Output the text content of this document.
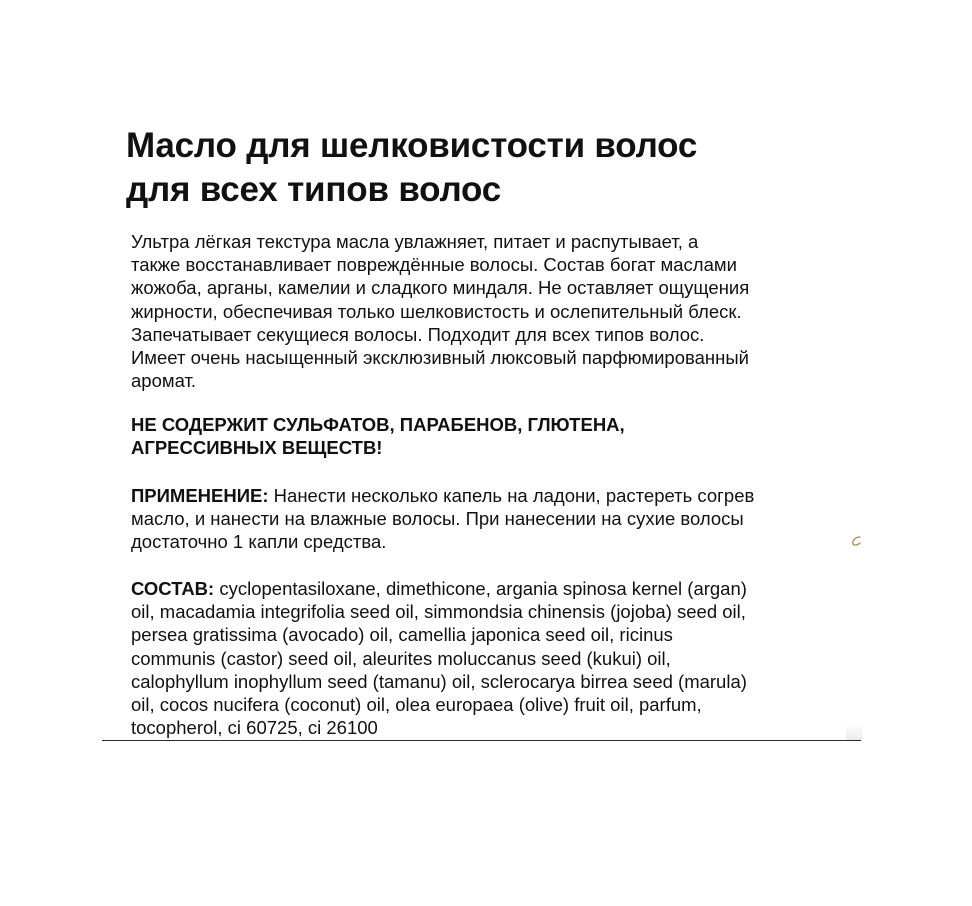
Масло для шелковистости волос
для всех типов волос

Ультра лёгкая текстура масла увлажняет, питает и распутывает, а
также восстанавливает повреждённые волосы. Состав богат маслами
жожоба, арганы, камелии и сладкого миндаля. Не оставляет ощущения
жирности, обеспечивая только шелковистость и ослепительный блеск.
Запечатывает секущиеся волосы. Подходит для всех типов волос.
Имеет очень насыщенный эксклюзивный люксовый парфюмированный
аромат.

НЕ СОДЕРЖИТ СУЛЬФАТОВ, ПАРАБЕНОВ, ГЛЮТЕНА,
АГРЕССИВНЫХ ВЕЩЕСТВ!

ПРИМЕНЕНИЕ: Нанести несколько капель на ладони, растереть согрев
масло, и нанести на влажные волосы. При нанесении на сухие волосы
достаточно 1 капли средства.

СОСТАВ: cyclopentasiloxane, dimethicone, argania spinosa kernel (argan)
oil, macadamia integrifolia seed oil, simmondsia chinensis (jojoba) seed oil,
persea gratissima (avocado) oil, camellia japonica seed oil, ricinus
communis (castor) seed oil, aleurites moluccanus seed (kukui) oil,
calophyllum inophyllum seed (tamanu) oil, sclerocarya birrea seed (marula)
oil, cocos nucifera (coconut) oil, olea europaea (olive) fruit oil, parfum,
tocopherol, ci 60725, ci 26100
